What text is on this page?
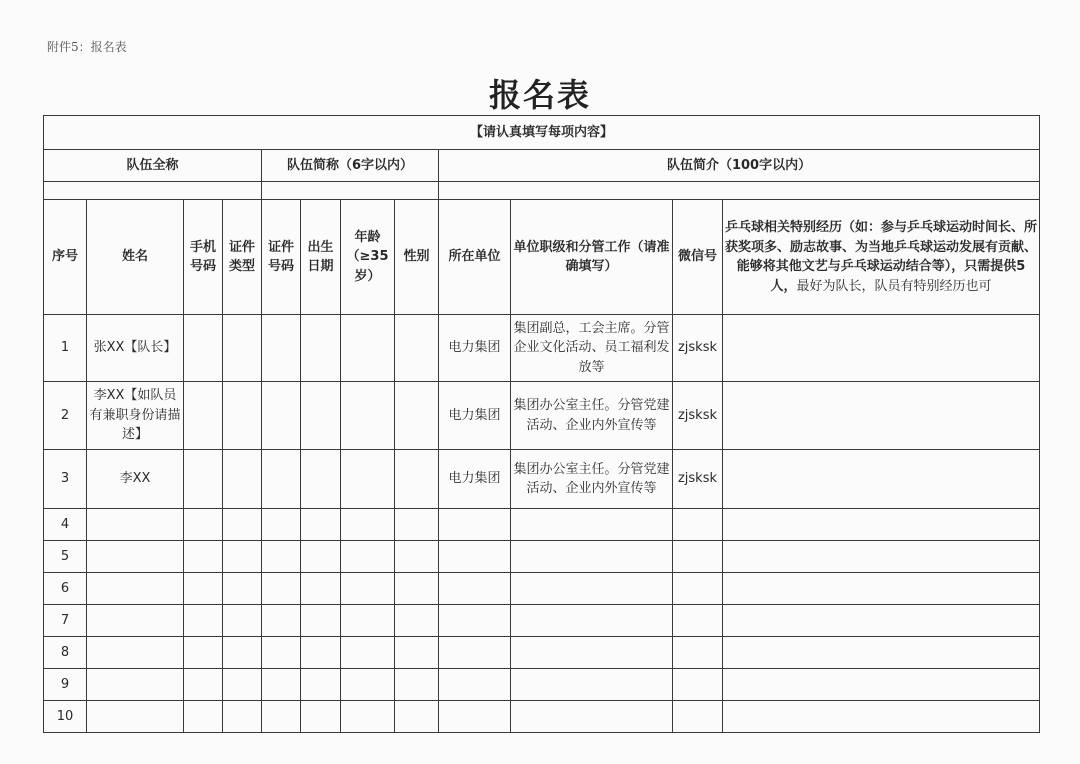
附件5：报名表
报名表
【请认真填写每项内容】											
队伍全称				队伍简称（6字以内）				队伍简介（100字以内）			

序号	姓名	手机号码	证件类型	证件号码	出生日期	年龄（≥35岁）	性别	所在单位	单位职级和分管工作（请准确填写）	微信号	乒乓球相关特别经历（如：参与乒乓球运动时间长、所获奖项多、励志故事、为当地乒乓球运动发展有贡献、能够将其他文艺与乒乓球运动结合等），只需提供5人，最好为队长，队员有特别经历也可
1	张XX【队长】							电力集团	集团副总，工会主席。分管企业文化活动、员工福利发放等	zjsksk	
2	李XX【如队员有兼职身份请描述】							电力集团	集团办公室主任。分管党建活动、企业内外宣传等	zjsksk	
3	李XX							电力集团	集团办公室主任。分管党建活动、企业内外宣传等	zjsksk	
4											
5											
6											
7											
8											
9											
10											
